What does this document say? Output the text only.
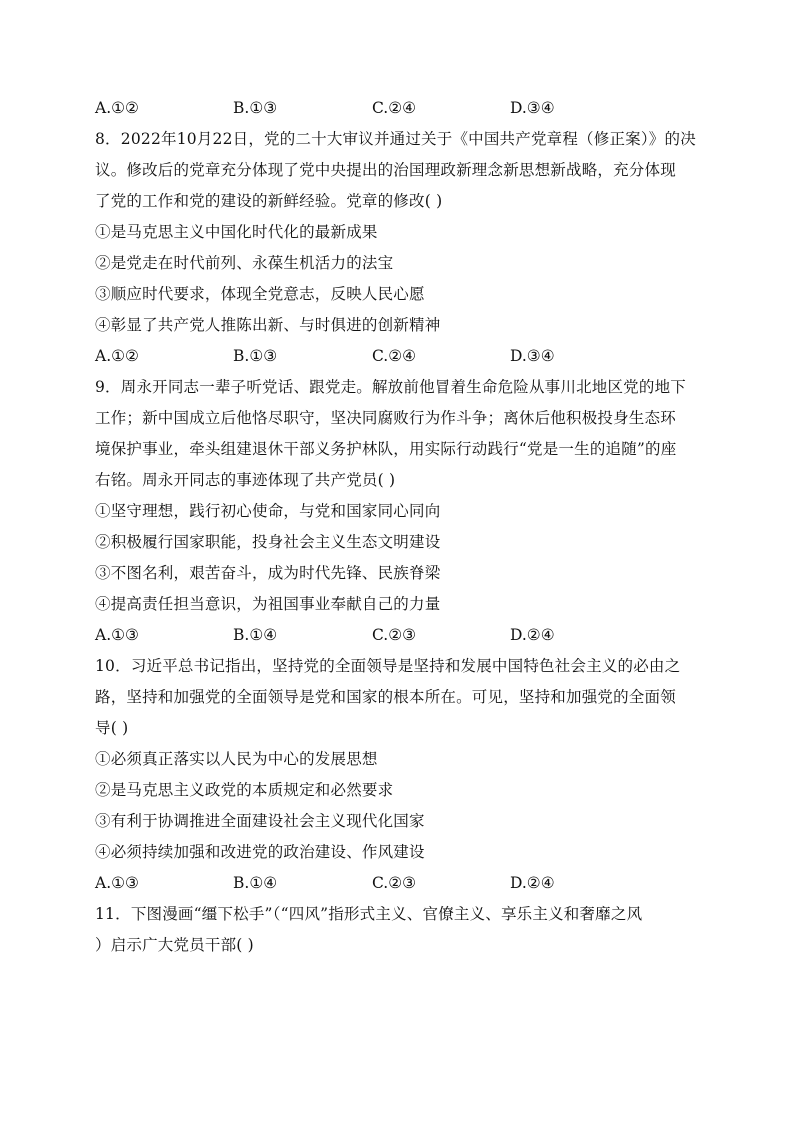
A.①②	B.①③	C.②④	D.③④
8．2022年10月22日，党的二十大审议并通过关于《中国共产党章程（修正案）》的决
议。修改后的党章充分体现了党中央提出的治国理政新理念新思想新战略，充分体现
了党的工作和党的建设的新鲜经验。党章的修改( )
①是马克思主义中国化时代化的最新成果
②是党走在时代前列、永葆生机活力的法宝
③顺应时代要求，体现全党意志，反映人民心愿
④彰显了共产党人推陈出新、与时俱进的创新精神
A.①②	B.①③	C.②④	D.③④
9．周永开同志一辈子听党话、跟党走。解放前他冒着生命危险从事川北地区党的地下
工作；新中国成立后他恪尽职守，坚决同腐败行为作斗争；离休后他积极投身生态环
境保护事业，牵头组建退休干部义务护林队，用实际行动践行“党是一生的追随”的座
右铭。周永开同志的事迹体现了共产党员( )
①坚守理想，践行初心使命，与党和国家同心同向
②积极履行国家职能，投身社会主义生态文明建设
③不图名利，艰苦奋斗，成为时代先锋、民族脊梁
④提高责任担当意识，为祖国事业奉献自己的力量
A.①③	B.①④	C.②③	D.②④
10．习近平总书记指出，坚持党的全面领导是坚持和发展中国特色社会主义的必由之
路，坚持和加强党的全面领导是党和国家的根本所在。可见，坚持和加强党的全面领
导( )
①必须真正落实以人民为中心的发展思想
②是马克思主义政党的本质规定和必然要求
③有利于协调推进全面建设社会主义现代化国家
④必须持续加强和改进党的政治建设、作风建设
A.①③	B.①④	C.②③	D.②④
11．下图漫画“缰下松手”（“四风”指形式主义、官僚主义、享乐主义和奢靡之风
）启示广大党员干部( )
